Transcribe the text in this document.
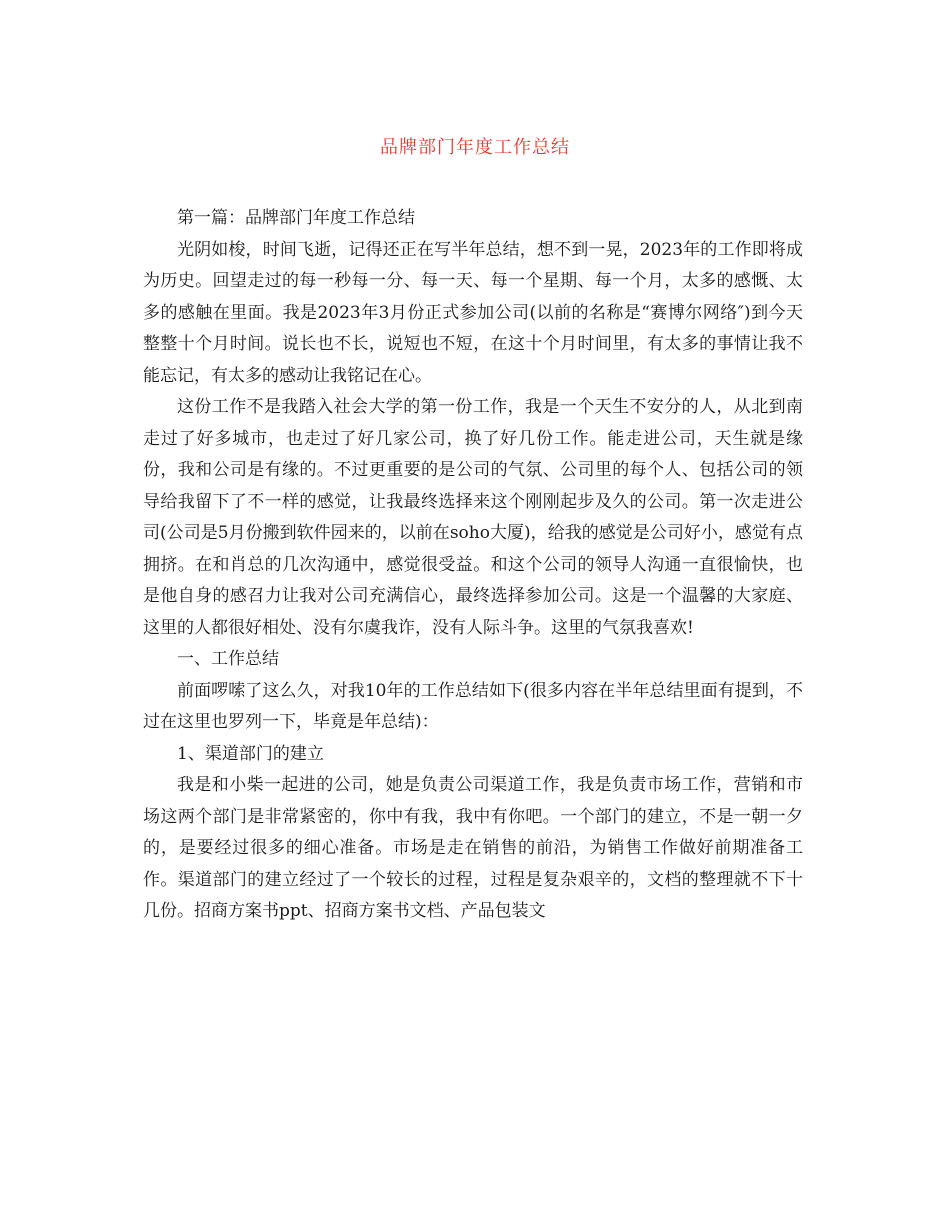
品牌部门年度工作总结

第一篇：品牌部门年度工作总结

光阴如梭，时间飞逝，记得还正在写半年总结，想不到一晃，2023年的工作即将成为历史。回望走过的每一秒每一分、每一天、每一个星期、每一个月，太多的感慨、太多的感触在里面。我是2023年3月份正式参加公司(以前的名称是“赛博尔网络″)到今天整整十个月时间。说长也不长，说短也不短，在这十个月时间里，有太多的事情让我不能忘记，有太多的感动让我铭记在心。

这份工作不是我踏入社会大学的第一份工作，我是一个天生不安分的人，从北到南走过了好多城市，也走过了好几家公司，换了好几份工作。能走进公司，天生就是缘份，我和公司是有缘的。不过更重要的是公司的气氛、公司里的每个人、包括公司的领导给我留下了不一样的感觉，让我最终选择来这个刚刚起步及久的公司。第一次走进公司(公司是5月份搬到软件园来的，以前在soho大厦)，给我的感觉是公司好小，感觉有点拥挤。在和肖总的几次沟通中，感觉很受益。和这个公司的领导人沟通一直很愉快，也是他自身的感召力让我对公司充满信心，最终选择参加公司。这是一个温馨的大家庭、这里的人都很好相处、没有尔虞我诈，没有人际斗争。这里的气氛我喜欢!

一、工作总结

前面啰嗦了这么久，对我10年的工作总结如下(很多内容在半年总结里面有提到，不过在这里也罗列一下，毕竟是年总结)：

1、渠道部门的建立

我是和小柴一起进的公司，她是负责公司渠道工作，我是负责市场工作，营销和市场这两个部门是非常紧密的，你中有我，我中有你吧。一个部门的建立，不是一朝一夕的，是要经过很多的细心准备。市场是走在销售的前沿，为销售工作做好前期准备工作。渠道部门的建立经过了一个较长的过程，过程是复杂艰辛的，文档的整理就不下十几份。招商方案书ppt、招商方案书文档、产品包装文
